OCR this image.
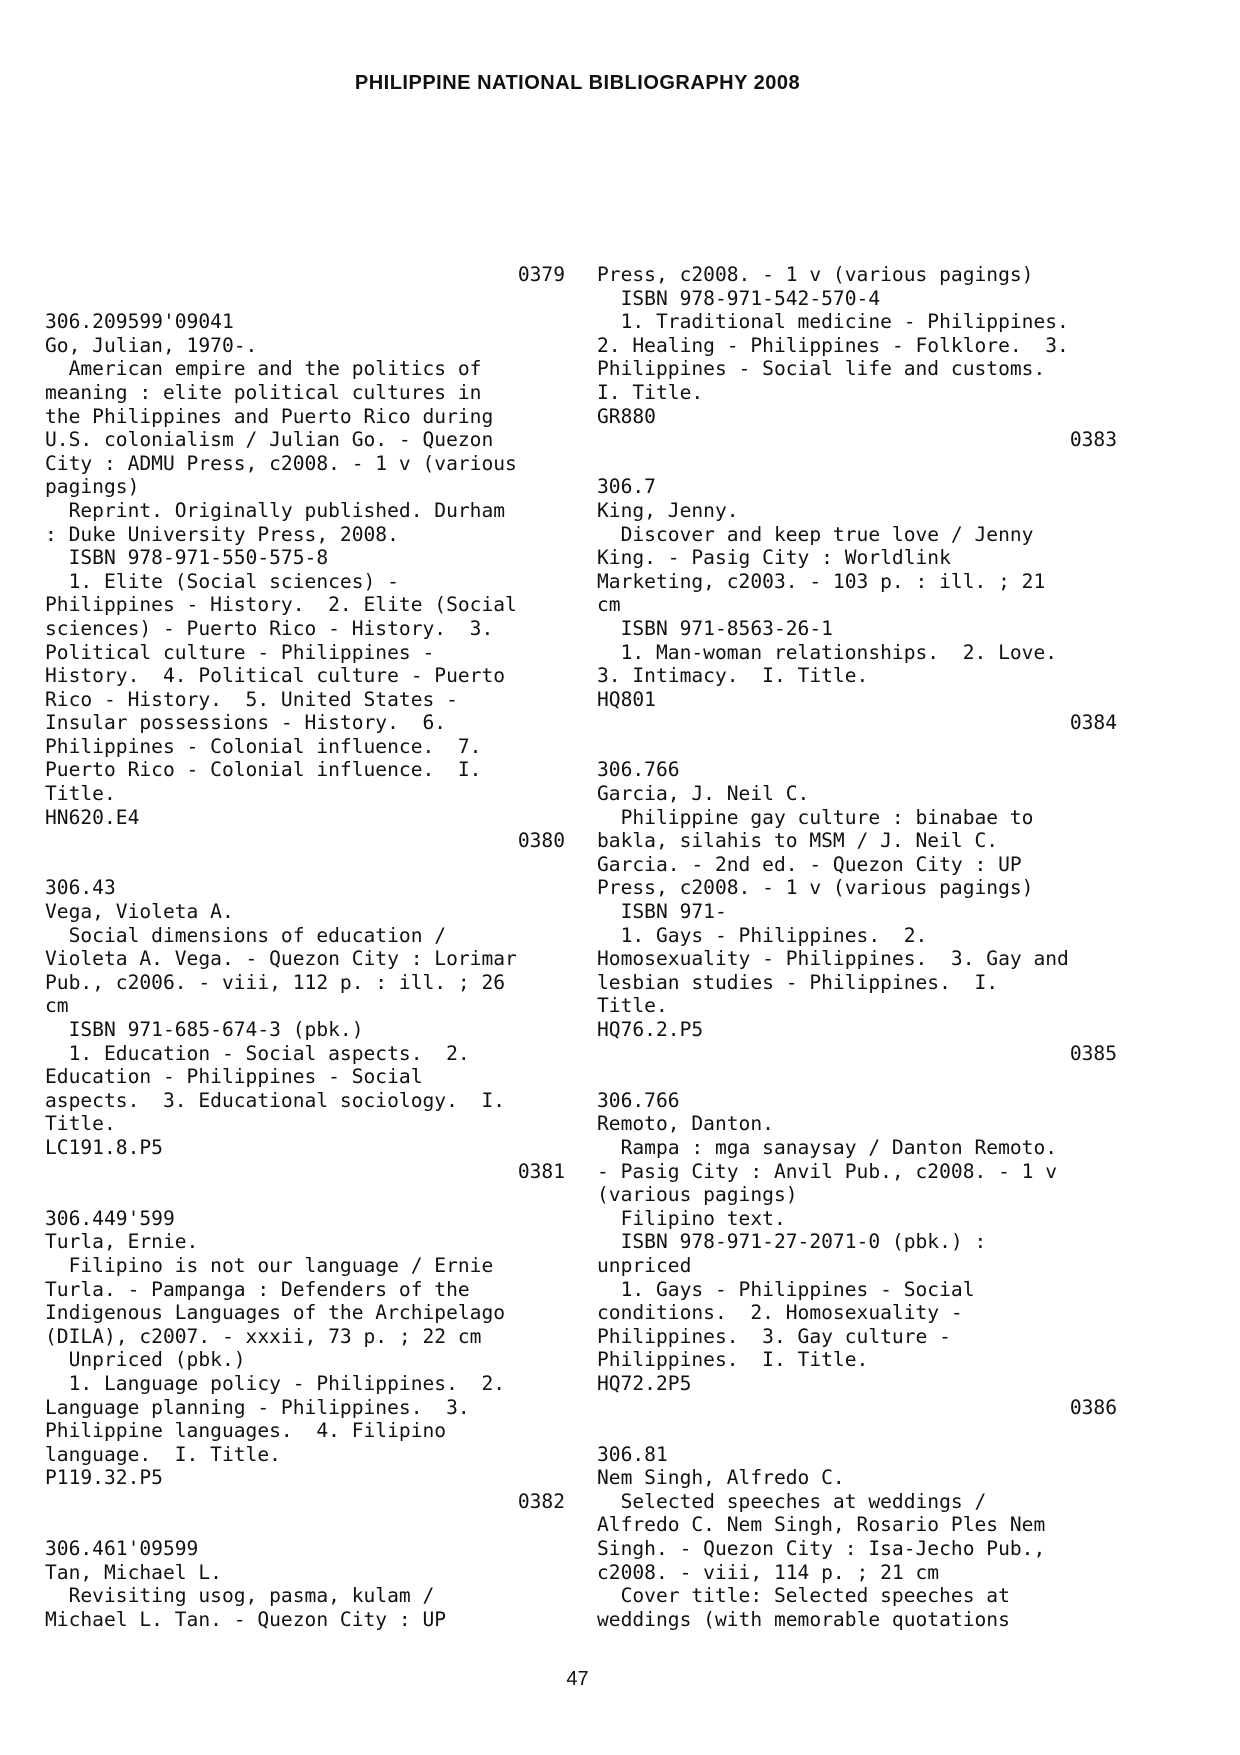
PHILIPPINE NATIONAL BIBLIOGRAPHY 2008
0379
306.209599'09041
Go, Julian, 1970-.
American empire and the politics of
meaning : elite political cultures in
the Philippines and Puerto Rico during
U.S. colonialism / Julian Go. - Quezon
City : ADMU Press, c2008. - 1 v (various
pagings)
Reprint. Originally published. Durham
: Duke University Press, 2008.
ISBN 978-971-550-575-8
1. Elite (Social sciences) -
Philippines - History.  2. Elite (Social
sciences) - Puerto Rico - History.  3.
Political culture - Philippines -
History.  4. Political culture - Puerto
Rico - History.  5. United States -
Insular possessions - History.  6.
Philippines - Colonial influence.  7.
Puerto Rico - Colonial influence.  I.
Title.
HN620.E4
0380
306.43
Vega, Violeta A.
Social dimensions of education /
Violeta A. Vega. - Quezon City : Lorimar
Pub., c2006. - viii, 112 p. : ill. ; 26
cm
ISBN 971-685-674-3 (pbk.)
1. Education - Social aspects.  2.
Education - Philippines - Social
aspects.  3. Educational sociology.  I.
Title.
LC191.8.P5
0381
306.449'599
Turla, Ernie.
Filipino is not our language / Ernie
Turla. - Pampanga : Defenders of the
Indigenous Languages of the Archipelago
(DILA), c2007. - xxxii, 73 p. ; 22 cm
Unpriced (pbk.)
1. Language policy - Philippines.  2.
Language planning - Philippines.  3.
Philippine languages.  4. Filipino
language.  I. Title.
P119.32.P5
0382
306.461'09599
Tan, Michael L.
Revisiting usog, pasma, kulam /
Michael L. Tan. - Quezon City : UP
Press, c2008. - 1 v (various pagings)
ISBN 978-971-542-570-4
1. Traditional medicine - Philippines.
2. Healing - Philippines - Folklore.  3.
Philippines - Social life and customs.
I. Title.
GR880
0383
306.7
King, Jenny.
Discover and keep true love / Jenny
King. - Pasig City : Worldlink
Marketing, c2003. - 103 p. : ill. ; 21
cm
ISBN 971-8563-26-1
1. Man-woman relationships.  2. Love.
3. Intimacy.  I. Title.
HQ801
0384
306.766
Garcia, J. Neil C.
Philippine gay culture : binabae to
bakla, silahis to MSM / J. Neil C.
Garcia. - 2nd ed. - Quezon City : UP
Press, c2008. - 1 v (various pagings)
ISBN 971-
1. Gays - Philippines.  2.
Homosexuality - Philippines.  3. Gay and
lesbian studies - Philippines.  I.
Title.
HQ76.2.P5
0385
306.766
Remoto, Danton.
Rampa : mga sanaysay / Danton Remoto.
- Pasig City : Anvil Pub., c2008. - 1 v
(various pagings)
Filipino text.
ISBN 978-971-27-2071-0 (pbk.) :
unpriced
1. Gays - Philippines - Social
conditions.  2. Homosexuality -
Philippines.  3. Gay culture -
Philippines.  I. Title.
HQ72.2P5
0386
306.81
Nem Singh, Alfredo C.
Selected speeches at weddings /
Alfredo C. Nem Singh, Rosario Ples Nem
Singh. - Quezon City : Isa-Jecho Pub.,
c2008. - viii, 114 p. ; 21 cm
Cover title: Selected speeches at
weddings (with memorable quotations
47
